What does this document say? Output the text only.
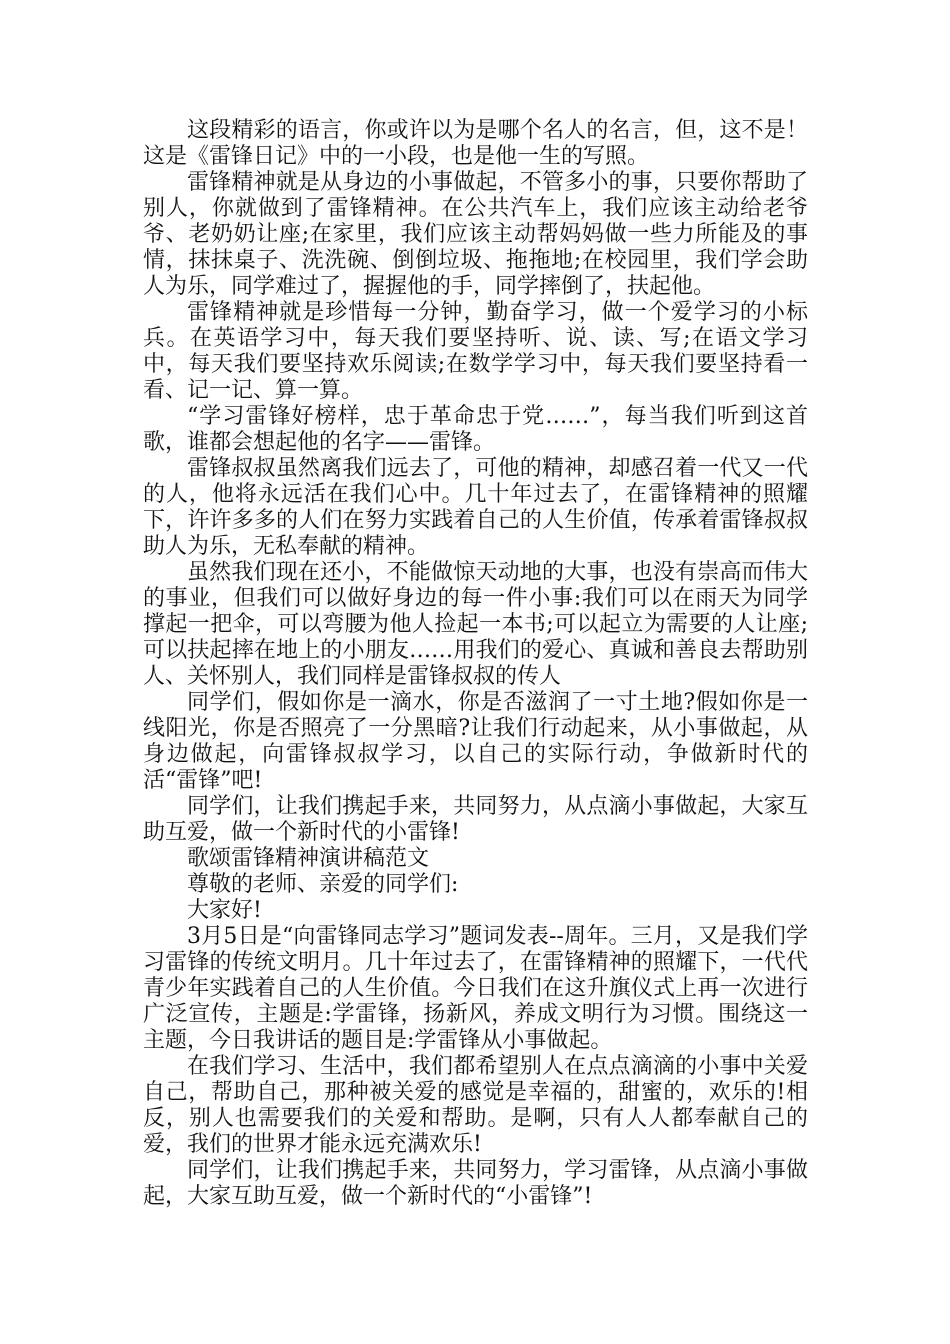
这段精彩的语言，你或许以为是哪个名人的名言，但，这不是！这是《雷锋日记》中的一小段，也是他一生的写照。

雷锋精神就是从身边的小事做起，不管多小的事，只要你帮助了别人，你就做到了雷锋精神。在公共汽车上，我们应该主动给老爷爷、老奶奶让座;在家里，我们应该主动帮妈妈做一些力所能及的事情，抹抹桌子、洗洗碗、倒倒垃圾、拖拖地;在校园里，我们学会助人为乐，同学难过了，握握他的手，同学摔倒了，扶起他。

雷锋精神就是珍惜每一分钟，勤奋学习，做一个爱学习的小标兵。在英语学习中，每天我们要坚持听、说、读、写;在语文学习中，每天我们要坚持欢乐阅读;在数学学习中，每天我们要坚持看一看、记一记、算一算。

“学习雷锋好榜样，忠于革命忠于党……”，每当我们听到这首歌，谁都会想起他的名字——雷锋。

雷锋叔叔虽然离我们远去了，可他的精神，却感召着一代又一代的人，他将永远活在我们心中。几十年过去了，在雷锋精神的照耀下，许许多多的人们在努力实践着自己的人生价值，传承着雷锋叔叔助人为乐，无私奉献的精神。

虽然我们现在还小，不能做惊天动地的大事，也没有崇高而伟大的事业，但我们可以做好身边的每一件小事:我们可以在雨天为同学撑起一把伞，可以弯腰为他人捡起一本书;可以起立为需要的人让座;可以扶起摔在地上的小朋友……用我们的爱心、真诚和善良去帮助别人、关怀别人，我们同样是雷锋叔叔的传人

同学们，假如你是一滴水，你是否滋润了一寸土地?假如你是一线阳光，你是否照亮了一分黑暗?让我们行动起来，从小事做起，从身边做起，向雷锋叔叔学习，以自己的实际行动，争做新时代的活“雷锋”吧!

同学们，让我们携起手来，共同努力，从点滴小事做起，大家互助互爱，做一个新时代的小雷锋!

歌颂雷锋精神演讲稿范文

尊敬的老师、亲爱的同学们:

大家好!

3月5日是“向雷锋同志学习”题词发表--周年。三月，又是我们学习雷锋的传统文明月。几十年过去了，在雷锋精神的照耀下，一代代青少年实践着自己的人生价值。今日我们在这升旗仪式上再一次进行广泛宣传，主题是:学雷锋，扬新风，养成文明行为习惯。围绕这一主题，今日我讲话的题目是:学雷锋从小事做起。

在我们学习、生活中，我们都希望别人在点点滴滴的小事中关爱自己，帮助自己，那种被关爱的感觉是幸福的，甜蜜的，欢乐的!相反，别人也需要我们的关爱和帮助。是啊，只有人人都奉献自己的爱，我们的世界才能永远充满欢乐!

同学们，让我们携起手来，共同努力，学习雷锋，从点滴小事做起，大家互助互爱，做一个新时代的“小雷锋”!
